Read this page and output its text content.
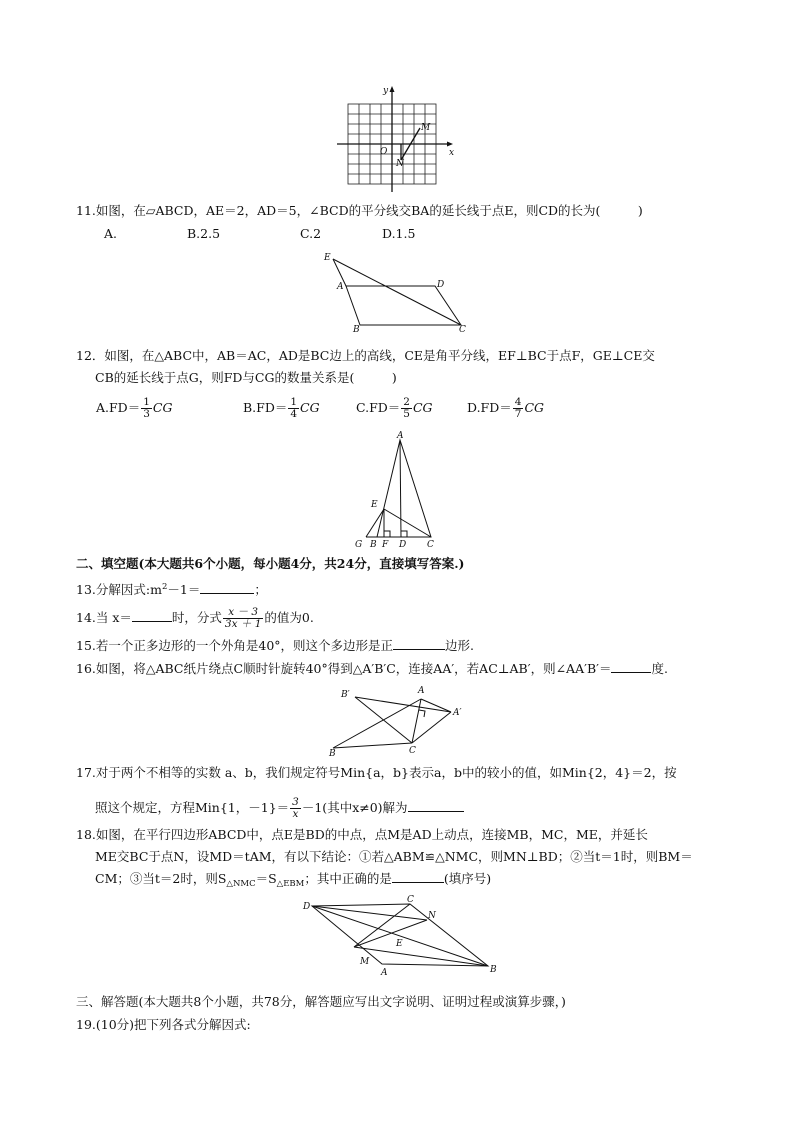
y
x
O
M
N
11.如图，在▱ABCD，AE＝2，AD＝5，∠BCD的平分线交BA的延长线于点E，则CD的长为(　　　)
A.	B.2.5	C.2	D.1.5
E
A	D
B	C
12．如图，在△ABC中，AB＝AC，AD是BC边上的高线，CE是角平分线，EF⊥BC于点F，GE⊥CE交
CB的延长线于点G，则FD与CG的数量关系是(　　　)
$A.FD= \frac{1}{3}$ CG	$B.FD= \frac{1}{4}$ CG	$C.FD= \frac{2}{5}$ CG	$D.FD= \frac{4}{7}$ CG
A
E
G B F D C
二、填空题(本大题共6个小题，每小题4分，共24分，直接填写答案.)
13.分解因式$:m^2-1=$	；
14.当 x＝	时，分式 $\frac{x - 3}{3x + 1}$ 的值为0.
15.若一个正多边形的一个外角是40°，则这个多边形是正	边形.
16.如图，将△ABC纸片绕点C顺时针旋转40°得到△A′B′C，连接AA′，若AC⊥AB′，则∠AA′B′＝	度.
B′	A
A′
B	C
17.对于两个不相等的实数 a、b，我们规定符号Min{a，b}表示a，b中的较小的值，如Min{2，4}＝2，按
照这个规定，方程Min{1，$-1\}= \frac{3}{x} -1$(其中x≠0)解为
18.如图，在平行四边形ABCD中，点E是BD的中点，点M是AD上动点，连接MB，MC，ME，并延长
ME交BC于点N，设MD＝tAM，有以下结论：①若△ABM≌△NMC，则MN⊥BD；②当t＝1时，则BM＝
CM；③当t＝2时，则$S_{\triangle NMC}=S_{\triangle EBM}$；其中正确的是	(填序号)
D
C
N
E
M
A	B
三、解答题(本大题共8个小题，共78分，解答题应写出文字说明、证明过程或演算步骤，)
19.(10分)把下列各式分解因式:
